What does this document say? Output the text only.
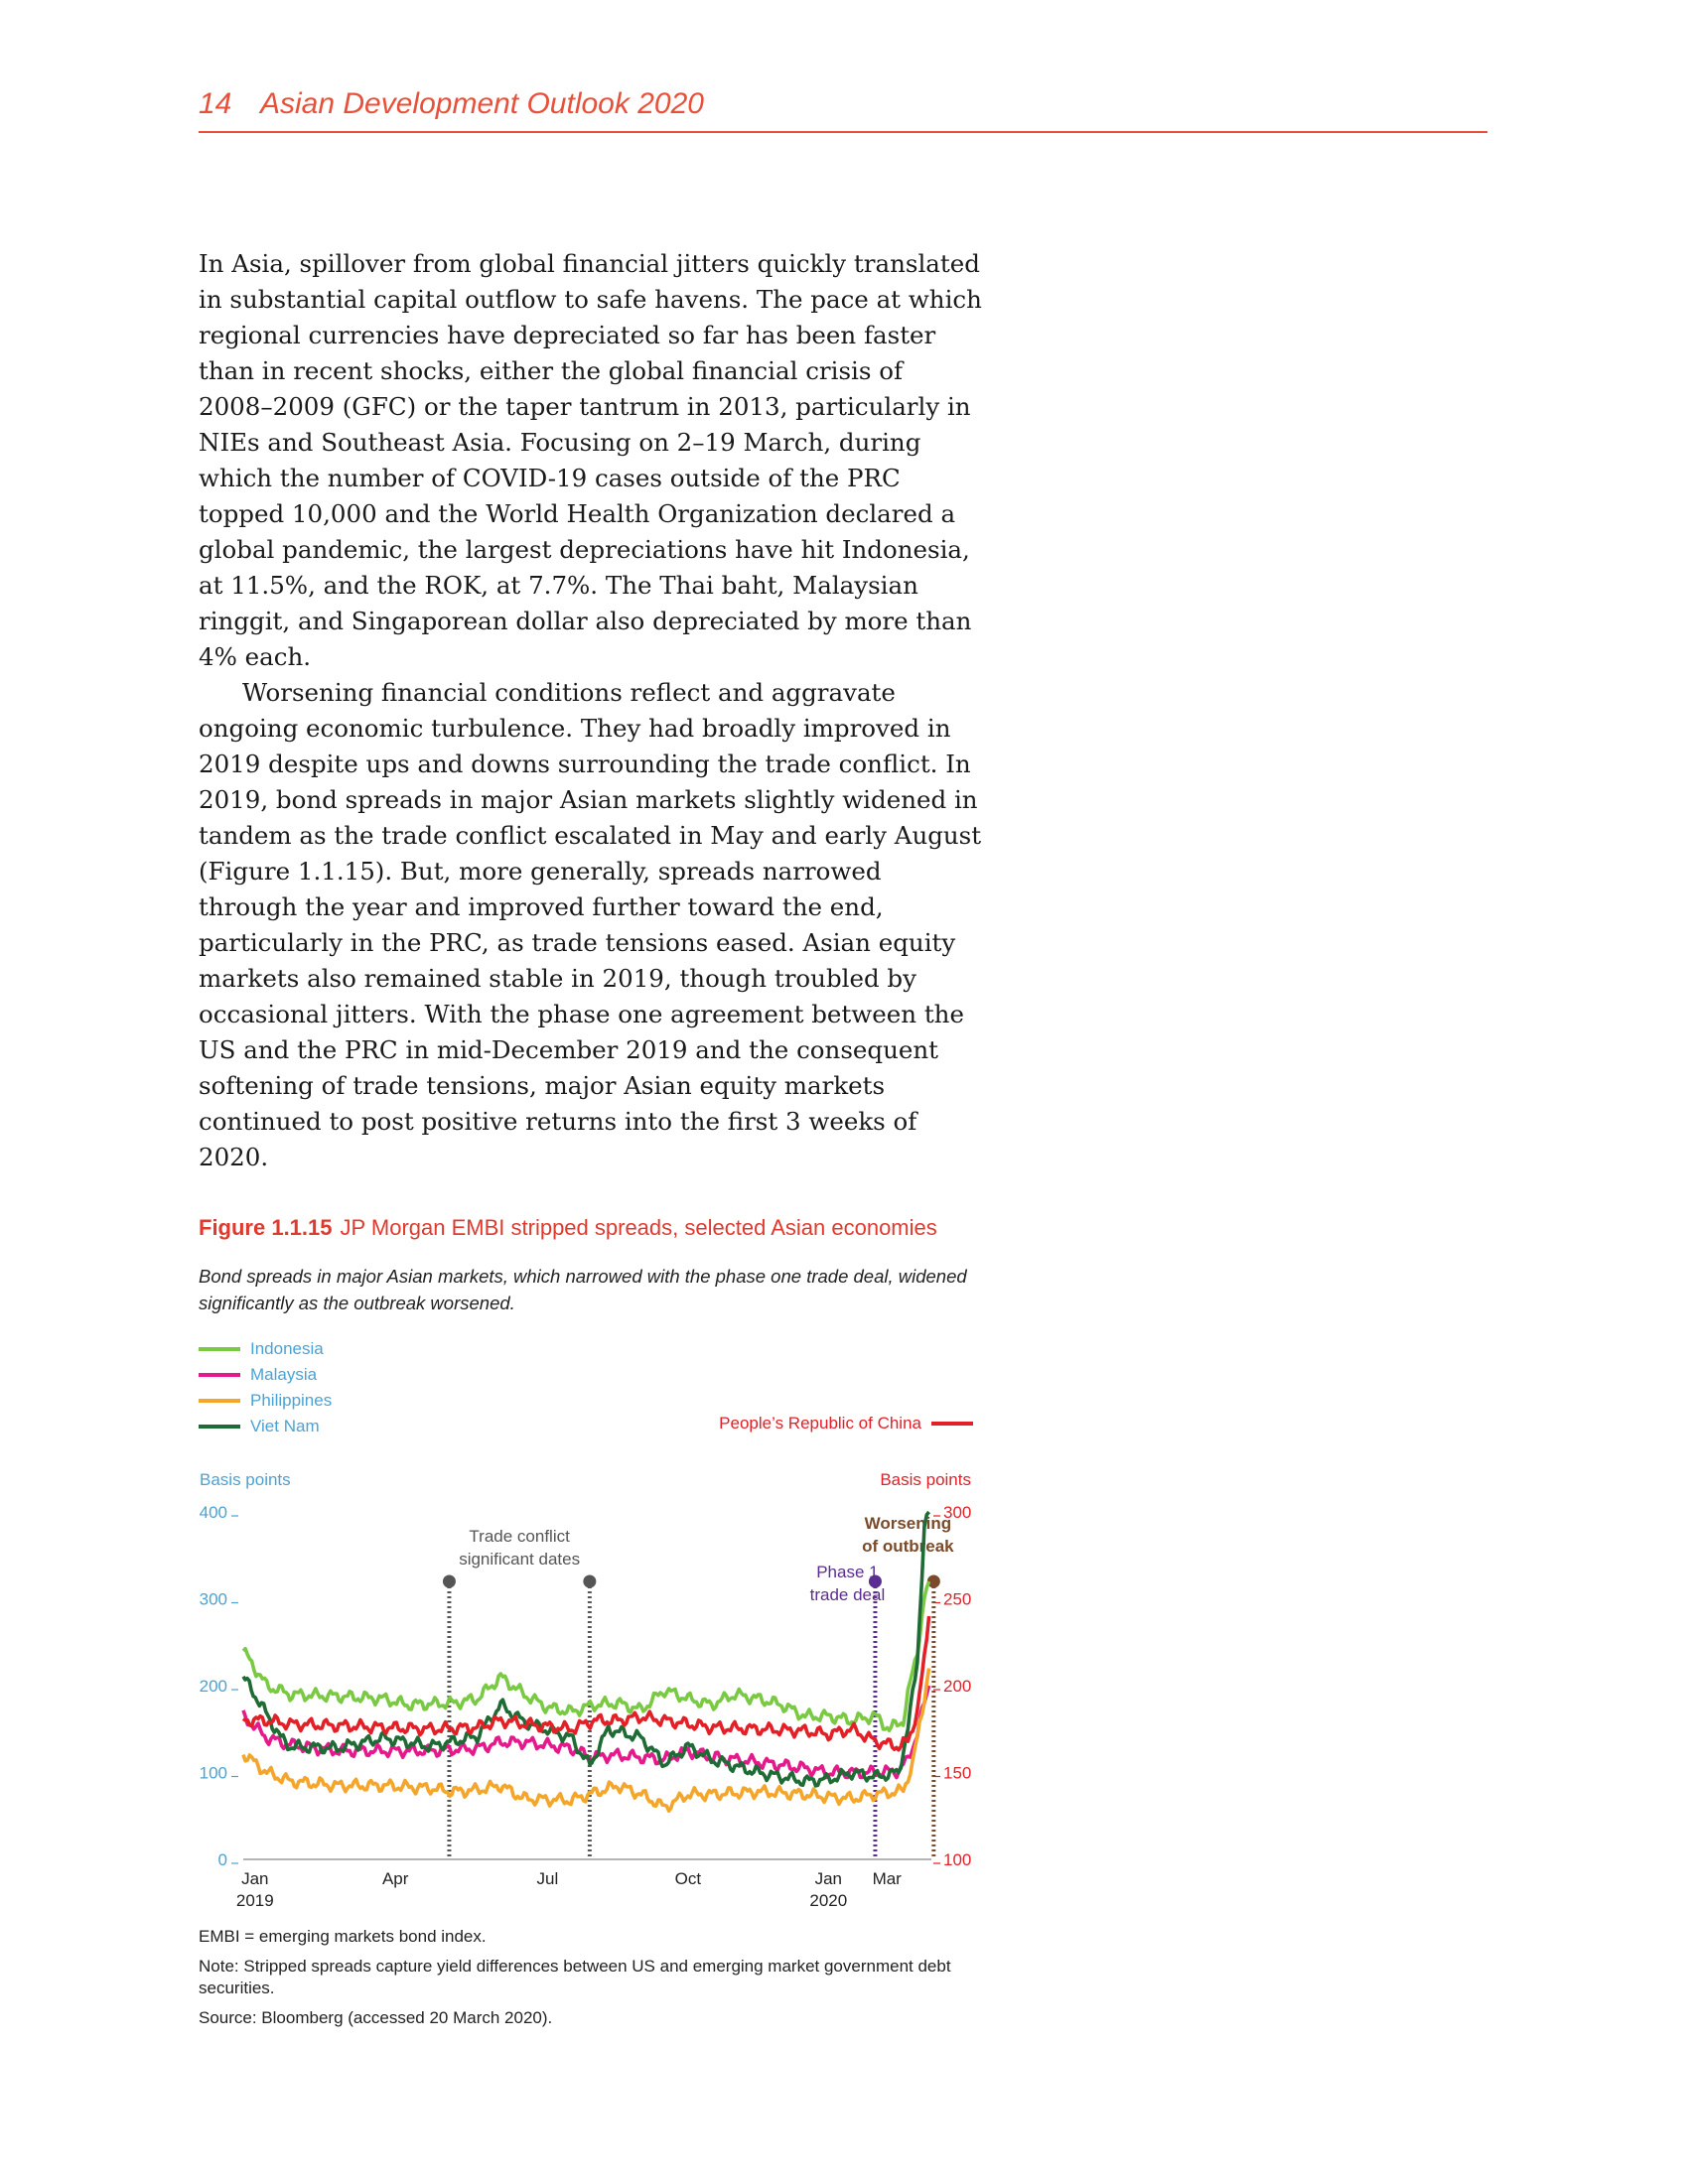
14 Asian Development Outlook 2020

In Asia, spillover from global financial jitters quickly translated in substantial capital outflow to safe havens. The pace at which regional currencies have depreciated so far has been faster than in recent shocks, either the global financial crisis of 2008–2009 (GFC) or the taper tantrum in 2013, particularly in NIEs and Southeast Asia. Focusing on 2–19 March, during which the number of COVID-19 cases outside of the PRC topped 10,000 and the World Health Organization declared a global pandemic, the largest depreciations have hit Indonesia, at 11.5%, and the ROK, at 7.7%. The Thai baht, Malaysian ringgit, and Singaporean dollar also depreciated by more than 4% each.

Worsening financial conditions reflect and aggravate ongoing economic turbulence. They had broadly improved in 2019 despite ups and downs surrounding the trade conflict. In 2019, bond spreads in major Asian markets slightly widened in tandem as the trade conflict escalated in May and early August (Figure 1.1.15). But, more generally, spreads narrowed through the year and improved further toward the end, particularly in the PRC, as trade tensions eased. Asian equity markets also remained stable in 2019, though troubled by occasional jitters. With the phase one agreement between the US and the PRC in mid-December 2019 and the consequent softening of trade tensions, major Asian equity markets continued to post positive returns into the first 3 weeks of 2020.

Figure 1.1.15 JP Morgan EMBI stripped spreads, selected Asian economies
Bond spreads in major Asian markets, which narrowed with the phase one trade deal, widened significantly as the outbreak worsened.
Indonesia
Malaysia
Philippines
Viet Nam	People’s Republic of China
Basis points	Basis points
0
100
200
300
400
100
150
200
250
300
Jan
2019
Apr	Jul	Oct	Jan
2020
Mar
Trade conflict
significant dates
Phase 1
trade deal
Worsening
of outbreak

EMBI = emerging markets bond index.

Note: Stripped spreads capture yield differences between US and emerging market government debt securities.

Source: Bloomberg (accessed 20 March 2020).
